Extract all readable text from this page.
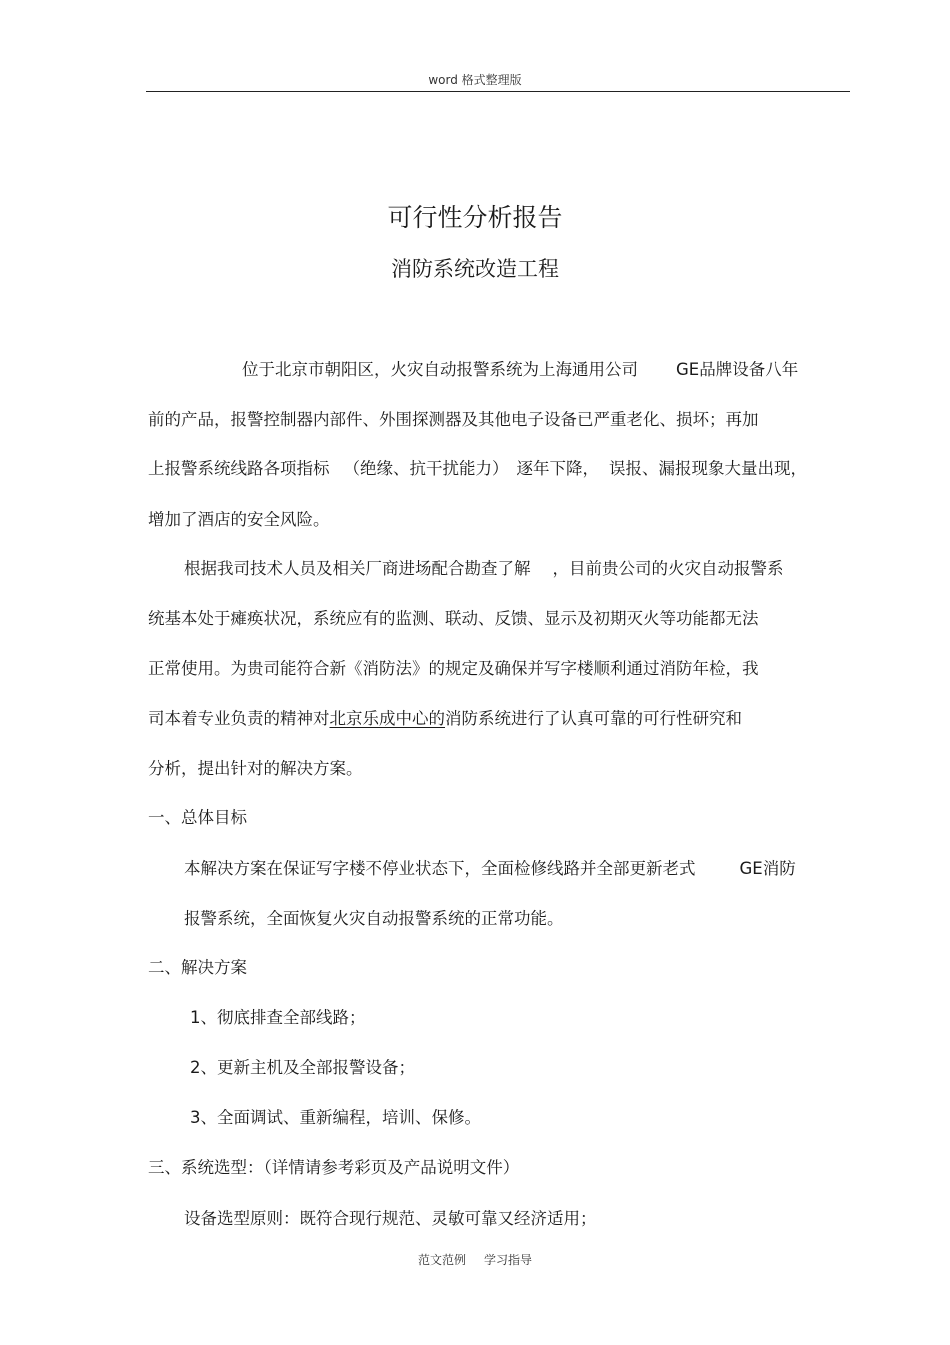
word 格式整理版
可行性分析报告
消防系统改造工程
位于北京市朝阳区，火灾自动报警系统为上海通用公司 GE品牌设备八年
前的产品，报警控制器内部件、外围探测器及其他电子设备已严重老化、损坏；再加
上报警系统线路各项指标 （绝缘、抗干扰能力） 逐年下降， 误报、漏报现象大量出现，
增加了酒店的安全风险。
根据我司技术人员及相关厂商进场配合勘查了解 ，目前贵公司的火灾自动报警系
统基本处于瘫痪状况，系统应有的监测、联动、反馈、显示及初期灭火等功能都无法
正常使用。为贵司能符合新《消防法》的规定及确保并写字楼顺利通过消防年检，我
司本着专业负责的精神对北京乐成中心的消防系统进行了认真可靠的可行性研究和
分析，提出针对的解决方案。
一、总体目标
本解决方案在保证写字楼不停业状态下，全面检修线路并全部更新老式	GE消防
报警系统，全面恢复火灾自动报警系统的正常功能。
二、解决方案
1、彻底排查全部线路；
2、更新主机及全部报警设备；
3、全面调试、重新编程，培训、保修。
三、系统选型：（详情请参考彩页及产品说明文件）
设备选型原则：既符合现行规范、灵敏可靠又经济适用；
范文范例 学习指导
